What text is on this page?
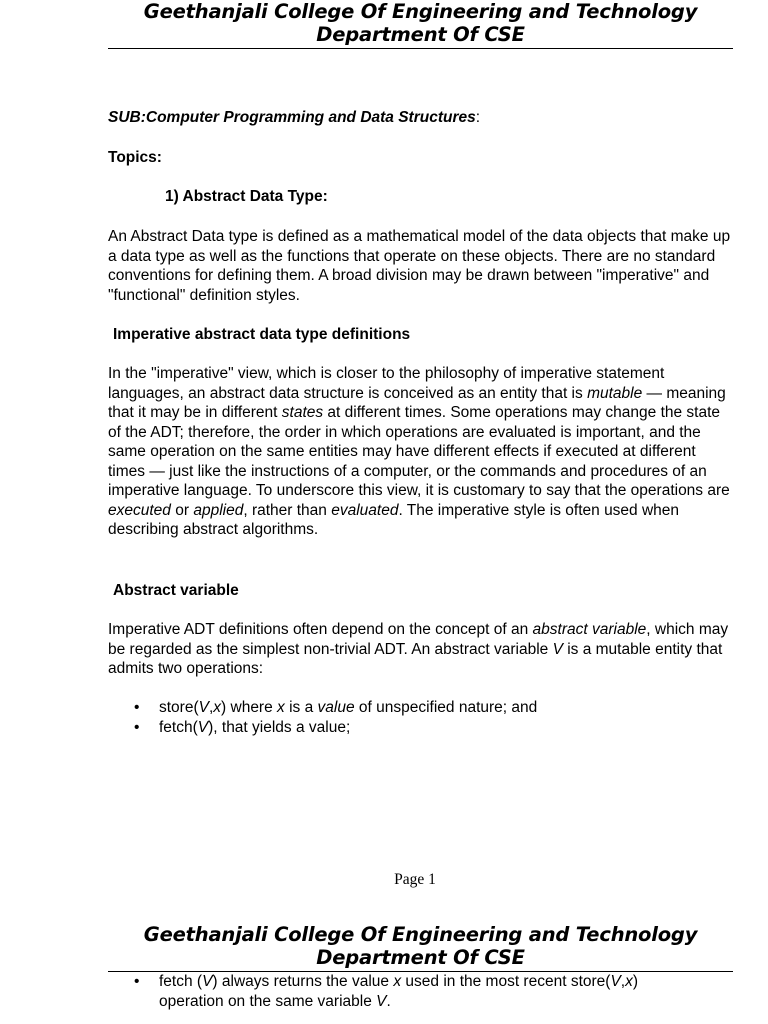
Geethanjali College Of Engineering and Technology
Department Of CSE
SUB:Computer Programming and Data Structures:
Topics:
1) Abstract Data Type:

An Abstract Data type is defined as a mathematical model of the data objects that make up a data type as well as the functions that operate on these objects. There are no standard conventions for defining them. A broad division may be drawn between "imperative" and "functional" definition styles.

Imperative abstract data type definitions

In the "imperative" view, which is closer to the philosophy of imperative statement languages, an abstract data structure is conceived as an entity that is mutable — meaning that it may be in different states at different times. Some operations may change the state of the ADT; therefore, the order in which operations are evaluated is important, and the same operation on the same entities may have different effects if executed at different times — just like the instructions of a computer, or the commands and procedures of an imperative language. To underscore this view, it is customary to say that the operations are executed or applied, rather than evaluated. The imperative style is often used when describing abstract algorithms.

Abstract variable

Imperative ADT definitions often depend on the concept of an abstract variable, which may be regarded as the simplest non-trivial ADT. An abstract variable V is a mutable entity that admits two operations:

• store(V,x) where x is a value of unspecified nature; and
• fetch(V), that yields a value;
Page 1
Geethanjali College Of Engineering and Technology
Department Of CSE
• fetch (V) always returns the value x used in the most recent store(V,x)
operation on the same variable V.
